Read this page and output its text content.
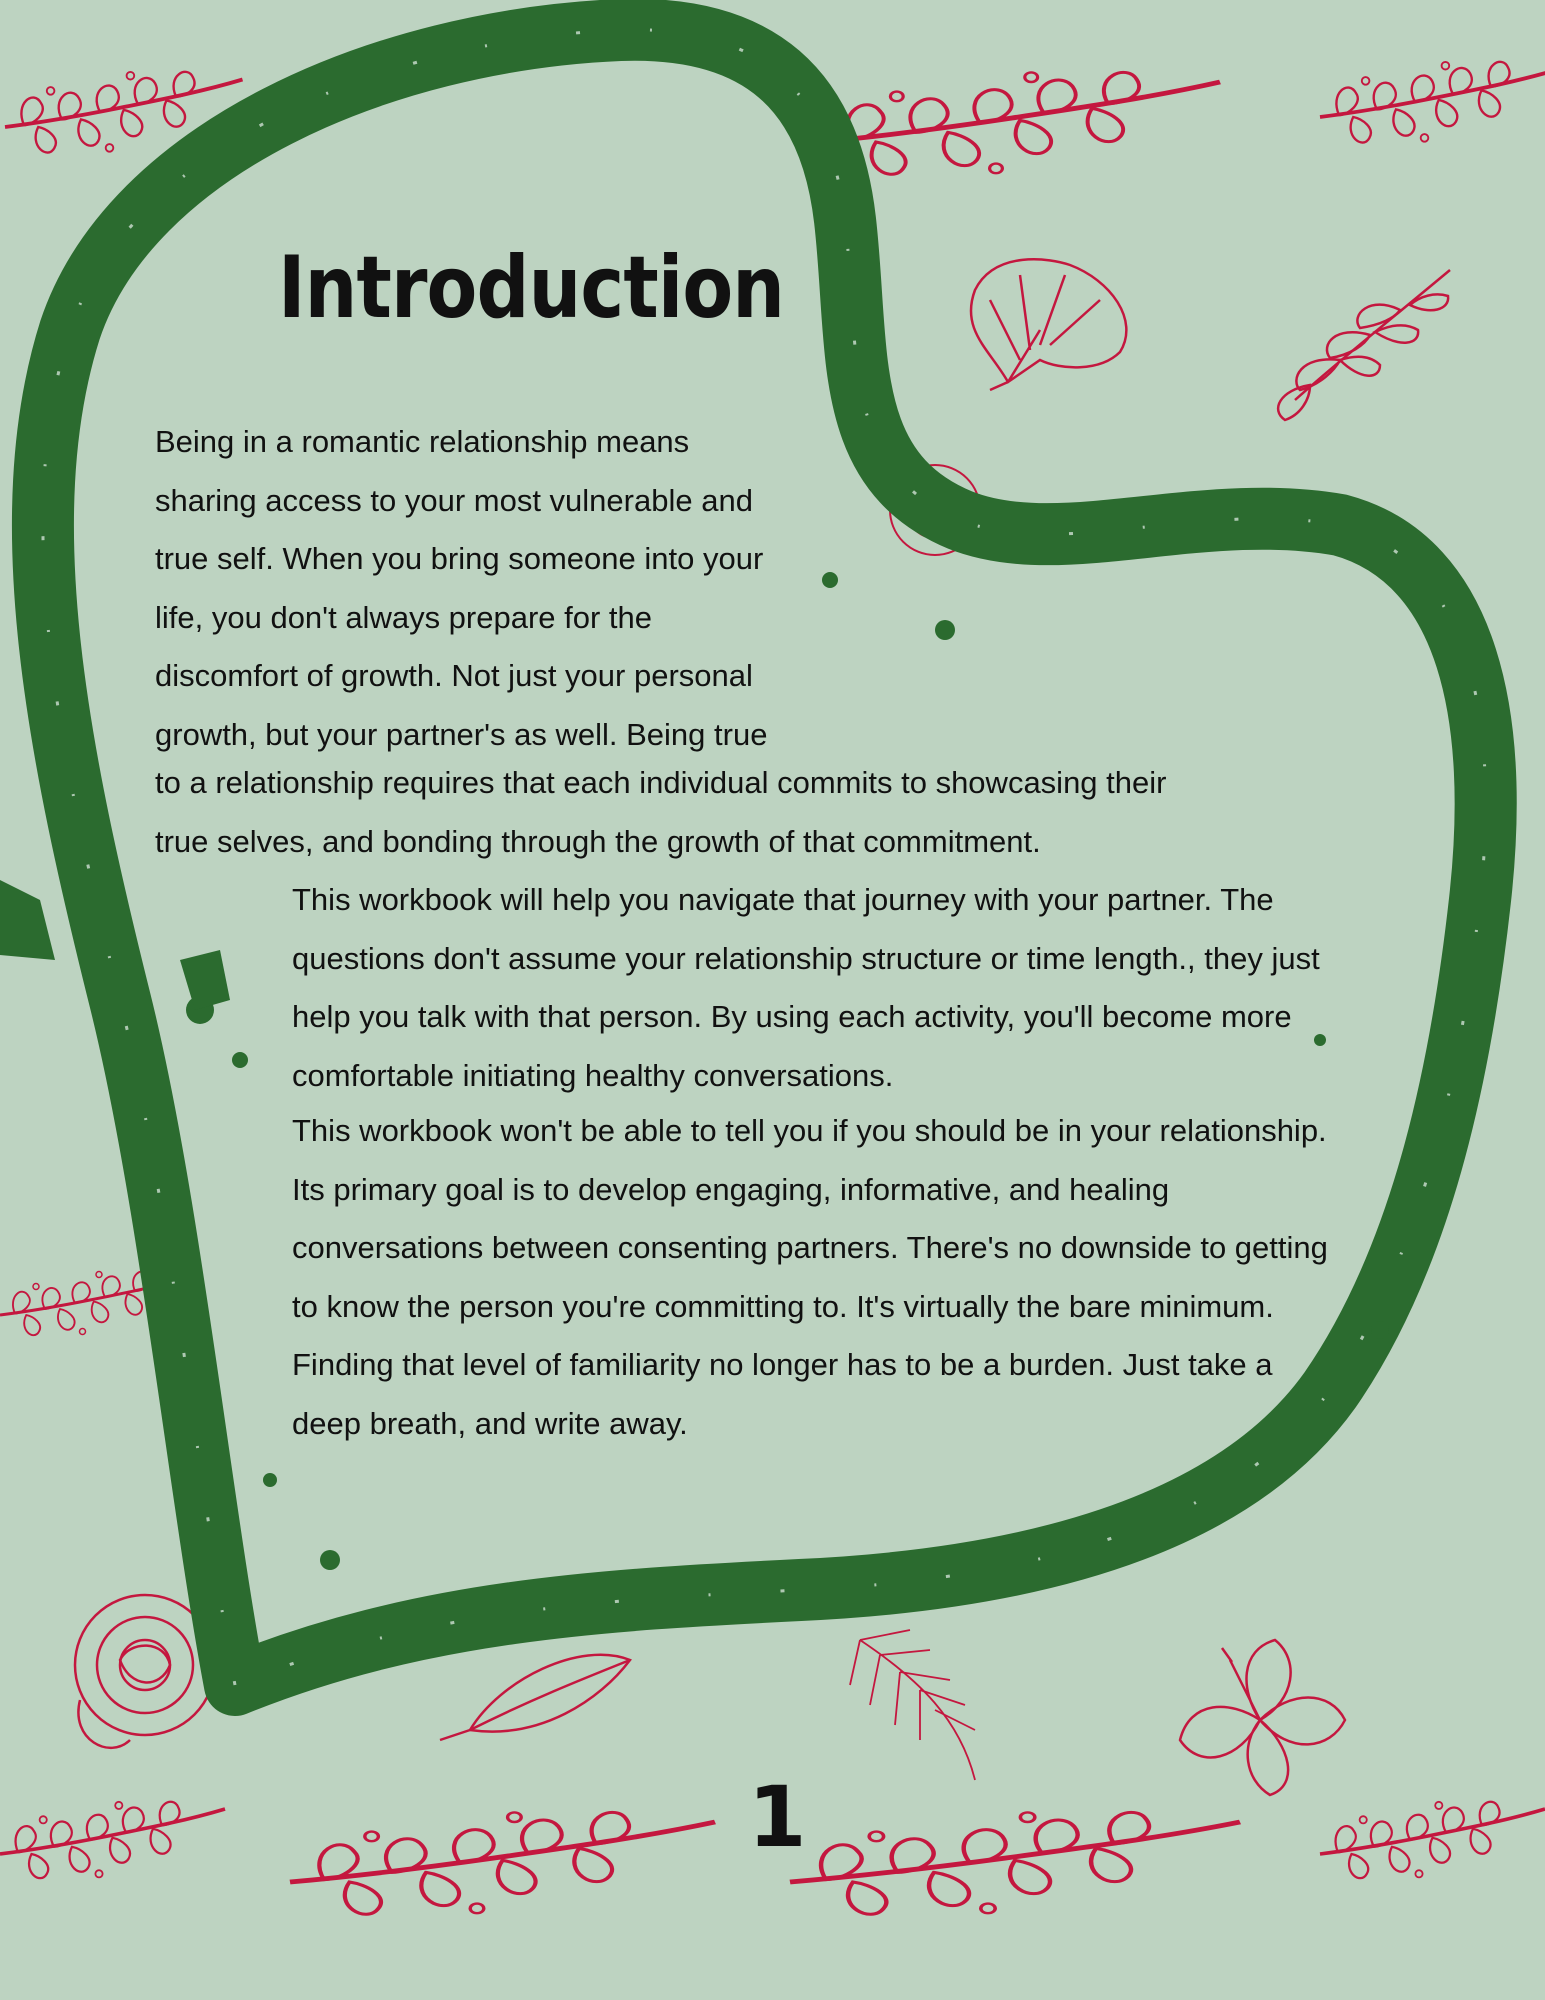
Introduction

Being in a romantic relationship means
sharing access to your most vulnerable and
true self. When you bring someone into your
life, you don't always prepare for the
discomfort of growth. Not just your personal
growth, but your partner's as well. Being true

to a relationship requires that each individual commits to showcasing their
true selves, and bonding through the growth of that commitment.

This workbook will help you navigate that journey with your partner. The
questions don't assume your relationship structure or time length., they just
help you talk with that person. By using each activity, you'll become more
comfortable initiating healthy conversations.

This workbook won't be able to tell you if you should be in your relationship.
Its primary goal is to develop engaging, informative, and healing
conversations between consenting partners. There's no downside to getting
to know the person you're committing to. It's virtually the bare minimum.
Finding that level of familiarity no longer has to be a burden. Just take a
deep breath, and write away.

1
